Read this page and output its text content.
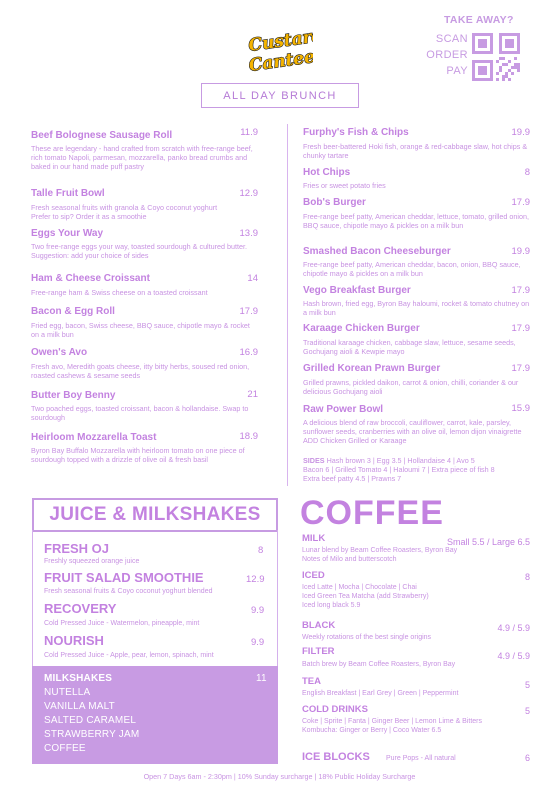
Custard
Canteen
TAKE AWAY?
SCAN
ORDER
PAY
ALL DAY BRUNCH
Beef Bolognese Sausage Roll	11.9
These are legendary - hand crafted from scratch with free-range beef, rich tomato Napoli, parmesan, mozzarella, panko bread crumbs and baked in our hand made puff pastry
Talle Fruit Bowl	12.9
Fresh seasonal fruits with granola & Coyo coconut yoghurt
Prefer to sip? Order it as a smoothie
Eggs Your Way	13.9
Two free-range eggs your way, toasted sourdough & cultured butter. Suggestion: add your choice of sides
Ham & Cheese Croissant	14
Free-range ham & Swiss cheese on a toasted croissant
Bacon & Egg Roll	17.9
Fried egg, bacon, Swiss cheese, BBQ sauce, chipotle mayo & rocket on a milk bun
Owen's Avo	16.9
Fresh avo, Meredith goats cheese, itty bitty herbs, soused red onion, roasted cashews & sesame seeds
Butter Boy Benny	21
Two poached eggs, toasted croissant, bacon & hollandaise. Swap to sourdough
Heirloom Mozzarella Toast	18.9
Byron Bay Buffalo Mozzarella with heirloom tomato on one piece of sourdough topped with a drizzle of olive oil & fresh basil
Furphy's Fish & Chips	19.9
Fresh beer-battered Hoki fish, orange & red-cabbage slaw, hot chips & chunky tartare
Hot Chips	8
Fries or sweet potato fries
Bob's Burger	17.9
Free-range beef patty, American cheddar, lettuce, tomato, grilled onion, BBQ sauce, chipotle mayo & pickles on a milk bun
Smashed Bacon Cheeseburger	19.9
Free-range beef patty, American cheddar, bacon, onion, BBQ sauce, chipotle mayo & pickles on a milk bun
Vego Breakfast Burger	17.9
Hash brown, fried egg, Byron Bay haloumi, rocket & tomato chutney on a milk bun
Karaage Chicken Burger	17.9
Traditional karaage chicken, cabbage slaw, lettuce, sesame seeds, Gochujang aioli & Kewpie mayo
Grilled Korean Prawn Burger	17.9
Grilled prawns, pickled daikon, carrot & onion, chilli, coriander & our delicious Gochujang aioli
Raw Power Bowl	15.9
A delicious blend of raw broccoli, cauliflower, carrot, kale, parsley, sunflower seeds, cranberries with an olive oil, lemon dijon vinaigrette ADD Chicken Grilled or Karaage
SIDES Hash brown 3 | Egg 3.5 | Hollandaise 4 | Avo 5
Bacon 6 | Grilled Tomato 4 | Haloumi 7 | Extra piece of fish 8
Extra beef patty 4.5 | Prawns 7
JUICE & MILKSHAKES
FRESH OJ	8
Freshly squeezed orange juice
FRUIT SALAD SMOOTHIE	12.9
Fresh seasonal fruits & Coyo coconut yoghurt blended
RECOVERY	9.9
Cold Pressed Juice - Watermelon, pineapple, mint
NOURISH	9.9
Cold Pressed Juice - Apple, pear, lemon, spinach, mint
MILKSHAKES	11
NUTELLA
VANILLA MALT
SALTED CARAMEL
STRAWBERRY JAM
COFFEE
COFFEE
MILK	Small 5.5 / Large 6.5
Lunar blend by Beam Coffee Roasters, Byron Bay
Notes of Milo and butterscotch
ICED	8
Iced Latte | Mocha | Chocolate | Chai
Iced Green Tea Matcha (add Strawberry)
Iced long black 5.9
BLACK	4.9 / 5.9
Weekly rotations of the best single origins
FILTER	4.9 / 5.9
Batch brew by Beam Coffee Roasters, Byron Bay
TEA	5
English Breakfast | Earl Grey | Green | Peppermint
COLD DRINKS	5
Coke | Sprite | Fanta | Ginger Beer | Lemon Lime & Bitters
Kombucha: Ginger or Berry | Coco Water 6.5
ICE BLOCKS Pure Pops - All natural	6
Open 7 Days 6am - 2:30pm | 10% Sunday surcharge | 18% Public Holiday Surcharge
